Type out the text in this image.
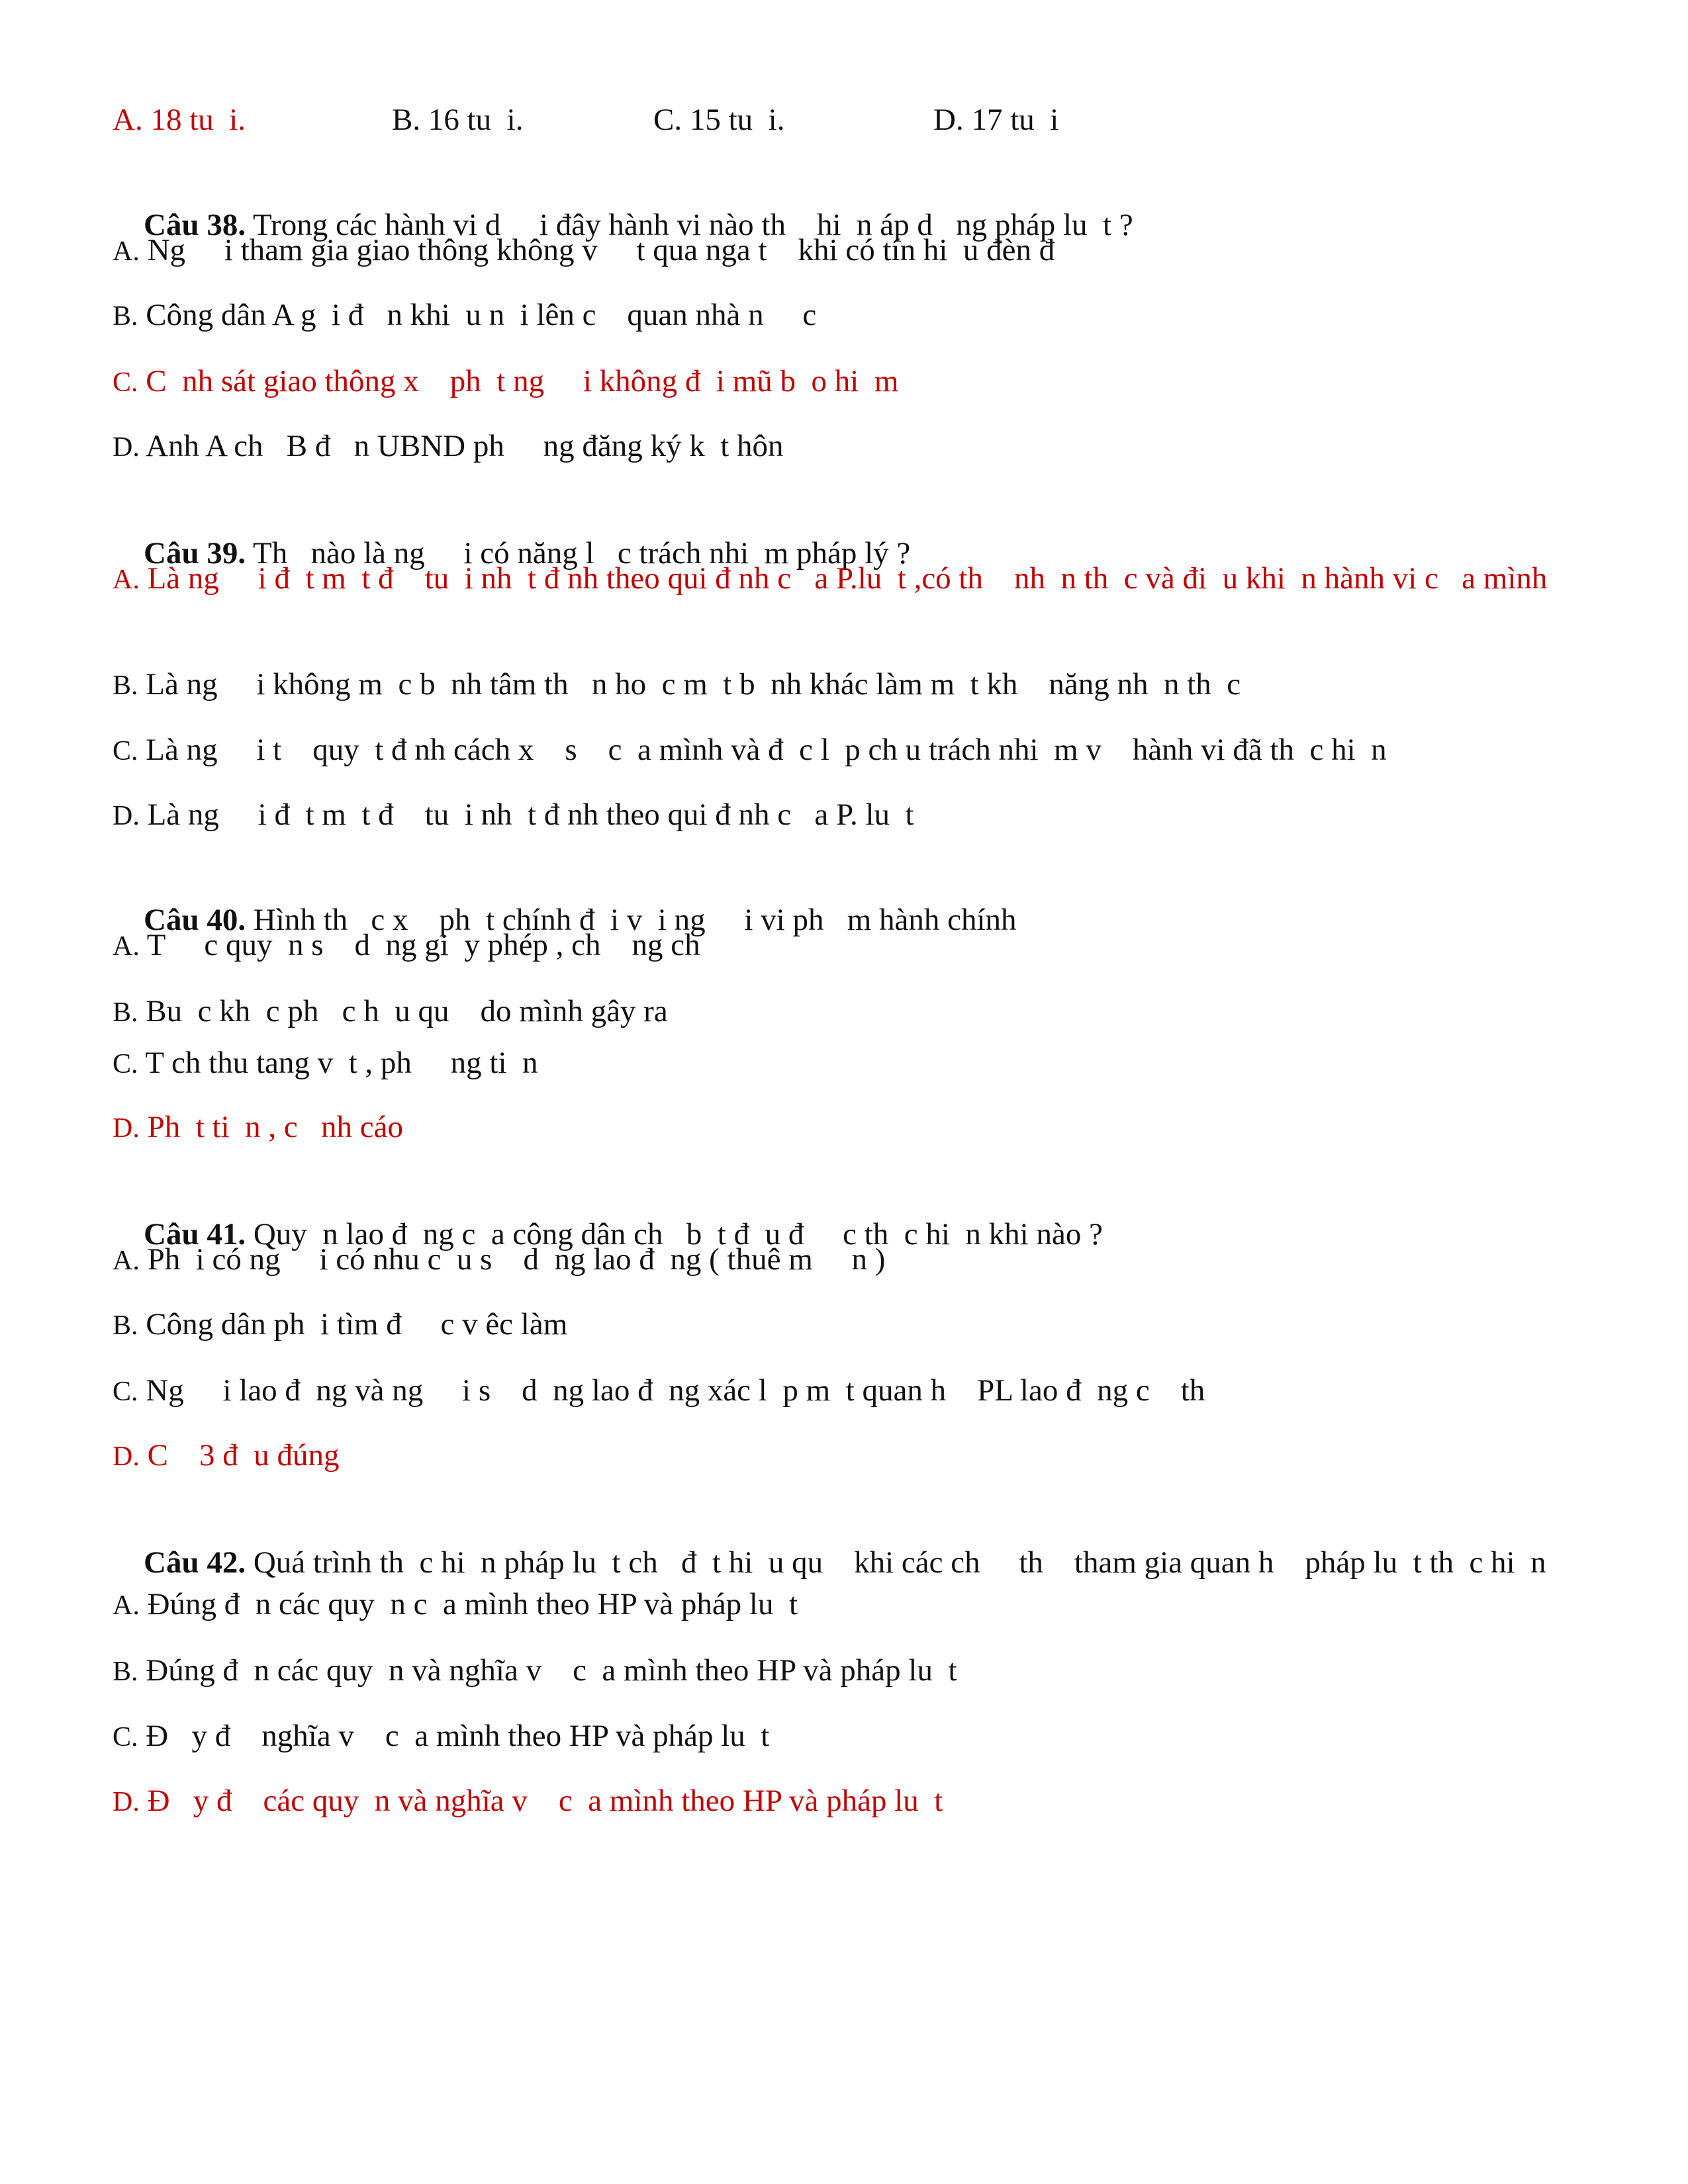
A. 18 tu  i.	B. 16 tu  i.	C. 15 tu  i.	D. 17 tu  i

Câu 38. Trong các hành vi d     i đây hành vi nào th    hi  n áp d   ng pháp lu  t ?

A. Ng     i tham gia giao thông không v     t qua nga t    khi có tín hi  u đèn đ
B. Công dân A g  i đ   n khi  u n  i lên c    quan nhà n     c
C. C  nh sát giao thông x    ph  t ng     i không đ  i mũ b  o hi  m
D. Anh A ch   B đ   n UBND ph     ng đăng ký k  t hôn

Câu 39. Th   nào là ng     i có năng l   c trách nhi  m pháp lý ?

A. Là ng     i đ  t m  t đ    tu  i nh  t đ nh theo qui đ nh c   a P.lu  t ,có th    nh  n th  c và đi  u khi  n hành vi c   a mình
B. Là ng     i không m  c b  nh tâm th   n ho  c m  t b  nh khác làm m  t kh    năng nh  n th  c
C. Là ng     i t    quy  t đ nh cách x    s    c  a mình và đ  c l  p ch u trách nhi  m v    hành vi đã th  c hi  n
D. Là ng     i đ  t m  t đ    tu  i nh  t đ nh theo qui đ nh c   a P. lu  t

Câu 40. Hình th   c x    ph  t chính đ  i v  i ng     i vi ph   m hành chính

A. T     c quy  n s    d  ng gi  y phép , ch    ng ch
B. Bu  c kh  c ph   c h  u qu    do mình gây ra
C. T ch thu tang v  t , ph     ng ti  n
D. Ph  t ti  n , c   nh cáo

Câu 41. Quy  n lao đ  ng c  a công dân ch   b  t đ  u đ     c th  c hi  n khi nào ?

A. Ph  i có ng     i có nhu c  u s    d  ng lao đ  ng ( thuê m     n )
B. Công dân ph  i tìm đ     c v êc làm
C. Ng     i lao đ  ng và ng     i s    d  ng lao đ  ng xác l  p m  t quan h    PL lao đ  ng c    th
D. C    3 đ  u đúng

Câu 42. Quá trình th  c hi  n pháp lu  t ch   đ  t hi  u qu    khi các ch     th    tham gia quan h    pháp lu  t th  c hi  n

A. Đúng đ  n các quy  n c  a mình theo HP và pháp lu  t
B. Đúng đ  n các quy  n và nghĩa v    c  a mình theo HP và pháp lu  t
C. Đ   y đ    nghĩa v    c  a mình theo HP và pháp lu  t
D. Đ   y đ    các quy  n và nghĩa v    c  a mình theo HP và pháp lu  t
